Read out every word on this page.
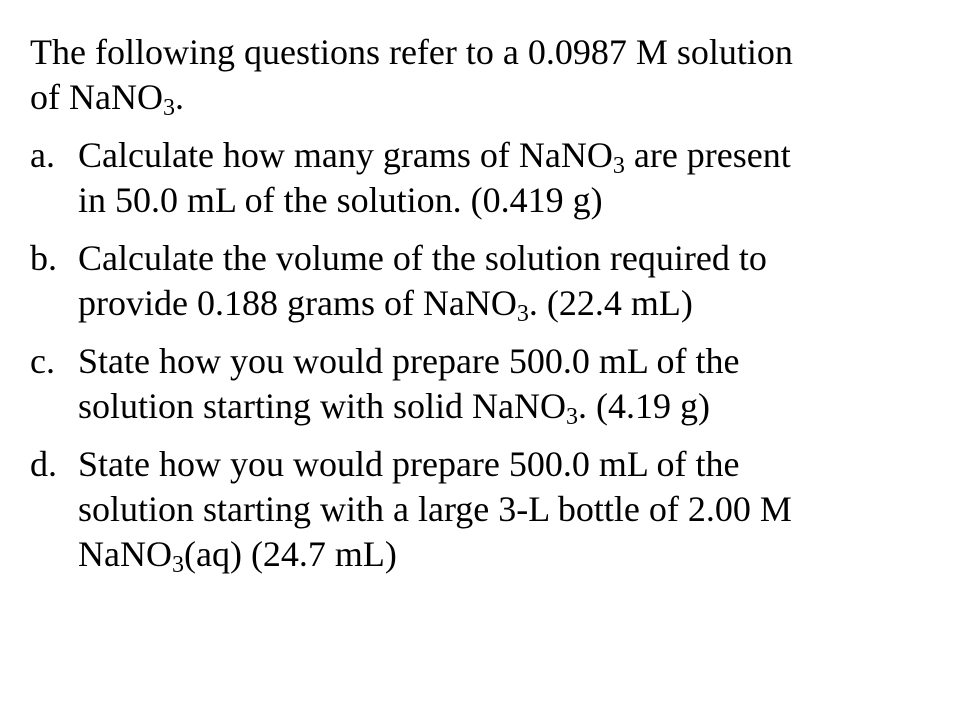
The following questions refer to a 0.0987 M solution
of NaNO$_3$.
a. Calculate how many grams of NaNO$_3$ are present
in 50.0 mL of the solution. (0.419 g)
b. Calculate the volume of the solution required to
provide 0.188 grams of NaNO$_3$. (22.4 mL)
c. State how you would prepare 500.0 mL of the
solution starting with solid NaNO$_3$. (4.19 g)
d. State how you would prepare 500.0 mL of the
solution starting with a large 3-L bottle of 2.00 M
NaNO$_3$(aq) (24.7 mL)
